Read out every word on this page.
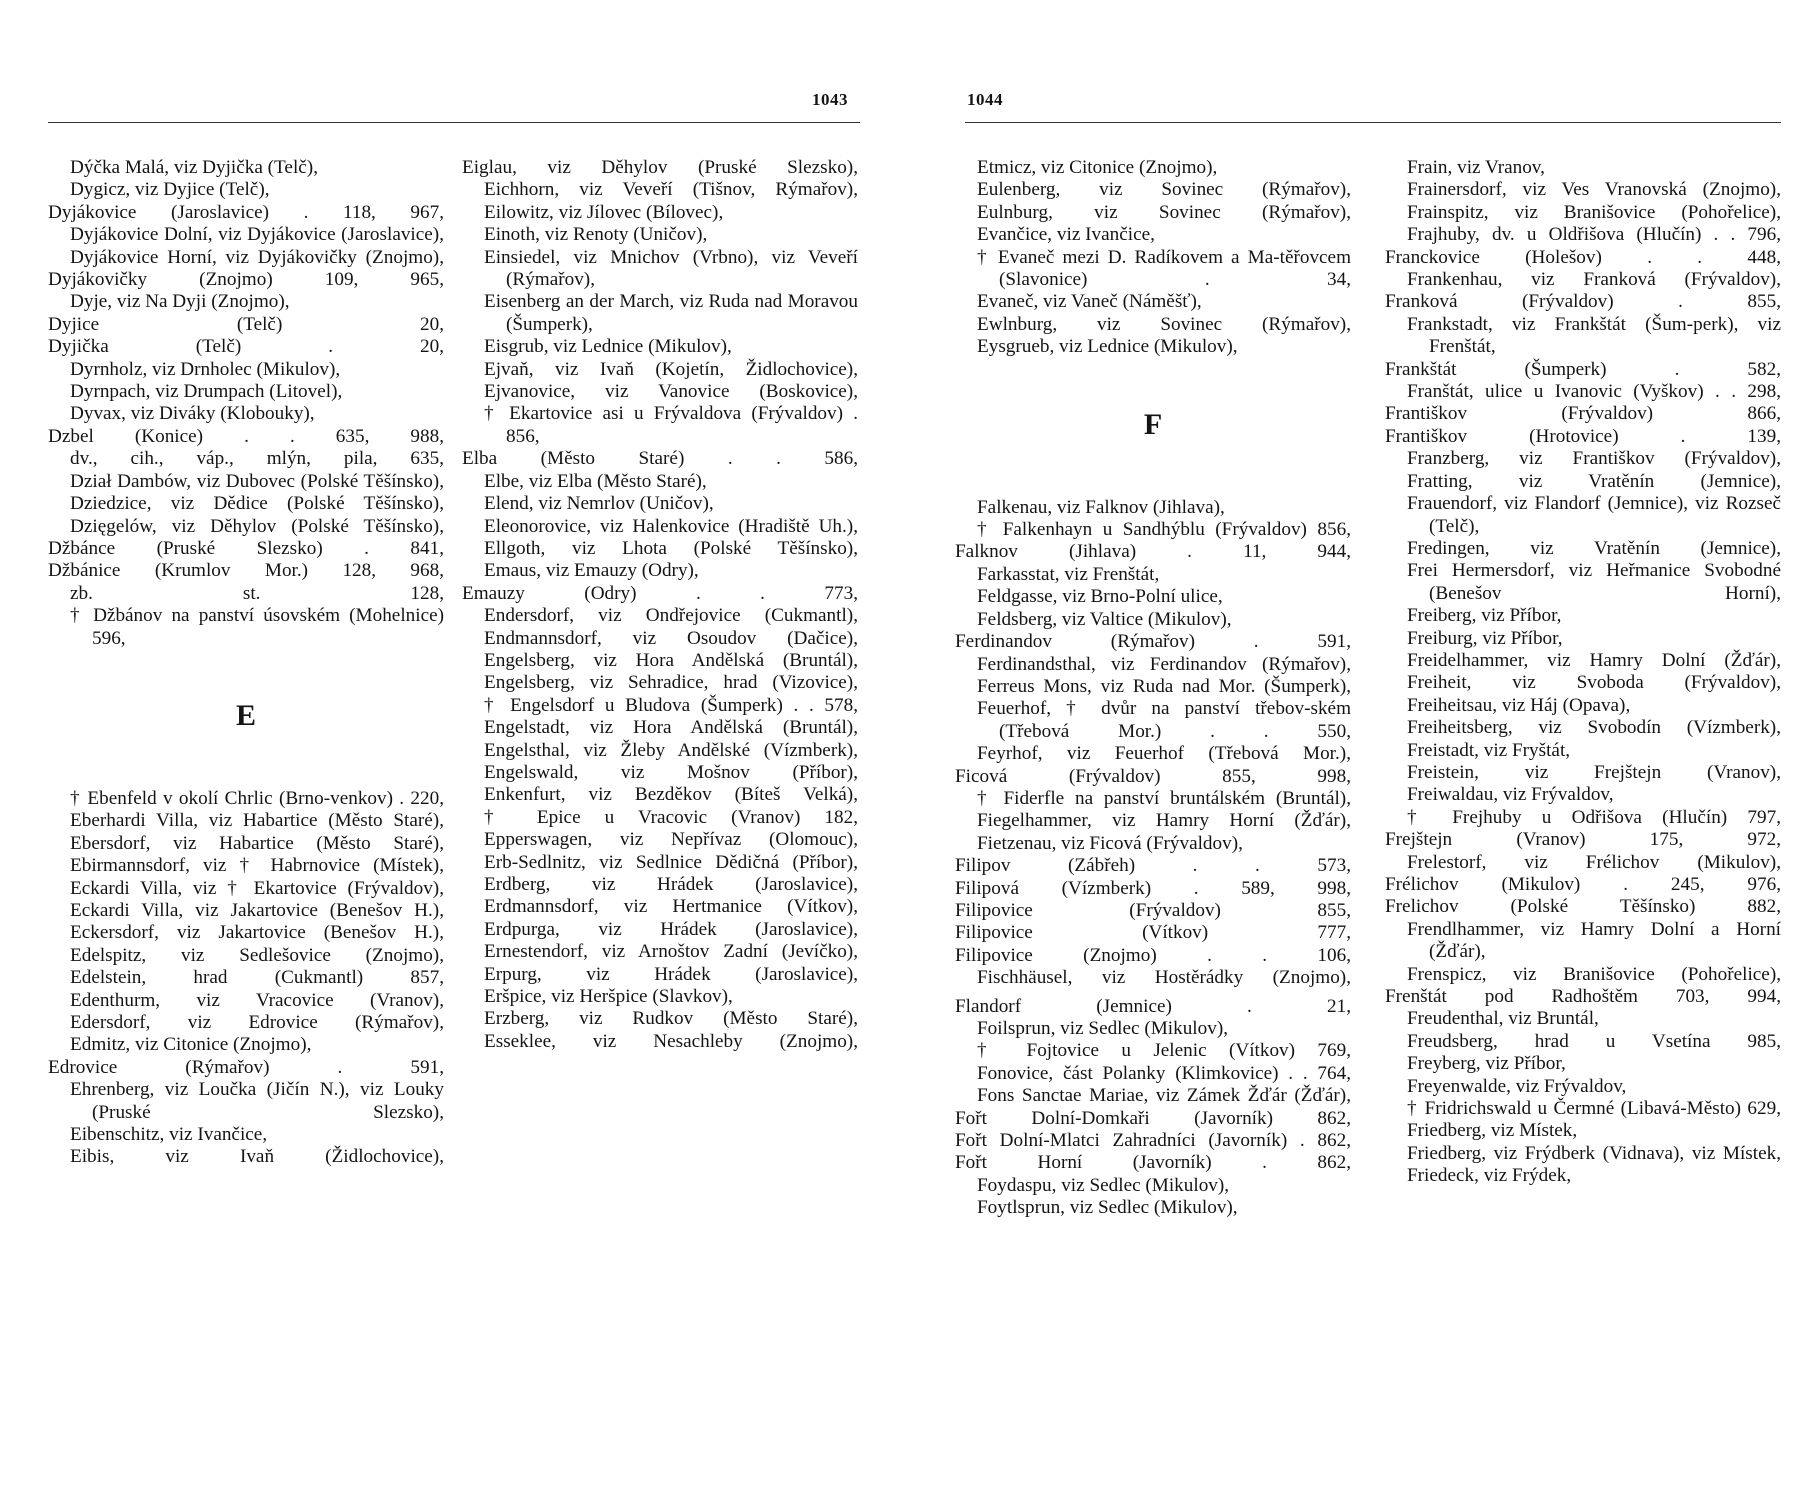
1043
Dýčka Malá, viz Dyjička (Telč),
Dygicz, viz Dyjice (Telč),
Dyjákovice (Jaroslavice) . 118, 967,
Dyjákovice Dolní, viz Dyjákovice (Jaroslavice),
Dyjákovice Horní, viz Dyjákovičky (Znojmo),
Dyjákovičky (Znojmo) 109, 965,
Dyje, viz Na Dyji (Znojmo),
Dyjice (Telč) 20,
Dyjička (Telč) . 20,
Dyrnholz, viz Drnholec (Mikulov),
Dyrnpach, viz Drumpach (Litovel),
Dyvax, viz Diváky (Klobouky),
Dzbel (Konice) . . 635, 988,
dv., cih., váp., mlýn, pila, 635,
Dział Dambów, viz Dubovec (Polské Těšínsko),
Dziedzice, viz Dědice (Polské Těšínsko),
Dzięgelów, viz Děhylov (Polské Těšínsko),
Džbánce (Pruské Slezsko) . 841,
Džbánice (Krumlov Mor.) 128, 968,
zb. st. 128,
† Džbánov na panství úsovském (Mohelnice) 596,
E
† Ebenfeld v okolí Chrlic (Brno-venkov) . 220,
Eberhardi Villa, viz Habartice (Město Staré),
Ebersdorf, viz Habartice (Město Staré),
Ebirmannsdorf, viz † Habrnovice (Místek),
Eckardi Villa, viz † Ekartovice (Frývaldov),
Eckardi Villa, viz Jakartovice (Benešov H.),
Eckersdorf, viz Jakartovice (Benešov H.),
Edelspitz, viz Sedlešovice (Znojmo),
Edelstein, hrad (Cukmantl) 857,
Edenthurm, viz Vracovice (Vranov),
Edersdorf, viz Edrovice (Rýmařov),
Edmitz, viz Citonice (Znojmo),
Edrovice (Rýmařov) . 591,
Ehrenberg, viz Loučka (Jičín N.), viz Louky (Pruské Slezsko),
Eibenschitz, viz Ivančice,
Eibis, viz Ivaň (Židlochovice),
Eiglau, viz Děhylov (Pruské Slezsko),
Eichhorn, viz Veveří (Tišnov, Rýmařov),
Eilowitz, viz Jílovec (Bílovec),
Einoth, viz Renoty (Uničov),
Einsiedel, viz Mnichov (Vrbno), viz Veveří (Rýmařov),
Eisenberg an der March, viz Ruda nad Moravou (Šumperk),
Eisgrub, viz Lednice (Mikulov),
Ejvaň, viz Ivaň (Kojetín, Židlochovice),
Ejvanovice, viz Vanovice (Boskovice),
† Ekartovice asi u Frývaldova (Frývaldov) . 856,
Elba (Město Staré) . . 586,
Elbe, viz Elba (Město Staré),
Elend, viz Nemrlov (Uničov),
Eleonorovice, viz Halenkovice (Hradiště Uh.),
Ellgoth, viz Lhota (Polské Těšínsko),
Emaus, viz Emauzy (Odry),
Emauzy (Odry) . . 773,
Endersdorf, viz Ondřejovice (Cukmantl),
Endmannsdorf, viz Osoudov (Dačice),
Engelsberg, viz Hora Andělská (Bruntál),
Engelsberg, viz Sehradice, hrad (Vizovice),
† Engelsdorf u Bludova (Šumperk) . . 578,
Engelstadt, viz Hora Andělská (Bruntál),
Engelsthal, viz Žleby Andělské (Vízmberk),
Engelswald, viz Mošnov (Příbor),
Enkenfurt, viz Bezděkov (Bíteš Velká),
† Epice u Vracovic (Vranov) 182,
Epperswagen, viz Nepřívaz (Olomouc),
Erb-Sedlnitz, viz Sedlnice Dědičná (Příbor),
Erdberg, viz Hrádek (Jaroslavice),
Erdmannsdorf, viz Hertmanice (Vítkov),
Erdpurga, viz Hrádek (Jaroslavice),
Ernestendorf, viz Arnoštov Zadní (Jevíčko),
Erpurg, viz Hrádek (Jaroslavice),
Eršpice, viz Heršpice (Slavkov),
Erzberg, viz Rudkov (Město Staré),
Esseklee, viz Nesachleby (Znojmo),
1044
Etmicz, viz Citonice (Znojmo),
Eulenberg, viz Sovinec (Rýmařov),
Eulnburg, viz Sovinec (Rýmařov),
Evančice, viz Ivančice,
† Evaneč mezi D. Radíkovem a Ma-těřovcem (Slavonice) . 34,
Evaneč, viz Vaneč (Náměšť),
Ewlnburg, viz Sovinec (Rýmařov),
Eysgrueb, viz Lednice (Mikulov),
F
Falkenau, viz Falknov (Jihlava),
† Falkenhayn u Sandhýblu (Frývaldov) 856,
Falknov (Jihlava) . 11, 944,
Farkasstat, viz Frenštát,
Feldgasse, viz Brno-Polní ulice,
Feldsberg, viz Valtice (Mikulov),
Ferdinandov (Rýmařov) . 591,
Ferdinandsthal, viz Ferdinandov (Rýmařov),
Ferreus Mons, viz Ruda nad Mor. (Šumperk),
Feuerhof, † dvůr na panství třebov-ském (Třebová Mor.) . . 550,
Feyrhof, viz Feuerhof (Třebová Mor.),
Ficová (Frývaldov) 855, 998,
† Fiderfle na panství bruntálském (Bruntál),
Fiegelhammer, viz Hamry Horní (Žďár),
Fietzenau, viz Ficová (Frývaldov),
Filipov (Zábřeh) . . 573,
Filipová (Vízmberk) . 589, 998,
Filipovice (Frývaldov) 855,
Filipovice (Vítkov) 777,
Filipovice (Znojmo) . . 106,
Fischhäusel, viz Hostěrádky (Znojmo),
Flandorf (Jemnice) . 21,
Foilsprun, viz Sedlec (Mikulov),
† Fojtovice u Jelenic (Vítkov) 769,
Fonovice, část Polanky (Klimkovice) . . 764,
Fons Sanctae Mariae, viz Zámek Žďár (Žďár),
Fořt Dolní-Domkaři (Javorník) 862,
Fořt Dolní-Mlatci Zahradníci (Javorník) . 862,
Fořt Horní (Javorník) . 862,
Foydaspu, viz Sedlec (Mikulov),
Foytlsprun, viz Sedlec (Mikulov),
Frain, viz Vranov,
Frainersdorf, viz Ves Vranovská (Znojmo),
Frainspitz, viz Branišovice (Pohořelice),
Frajhuby, dv. u Oldřišova (Hlučín) . . 796,
Franckovice (Holešov) . . 448,
Frankenhau, viz Franková (Frývaldov),
Franková (Frývaldov) . 855,
Frankstadt, viz Frankštát (Šum-perk), viz Frenštát,
Frankštát (Šumperk) . 582,
Franštát, ulice u Ivanovic (Vyškov) . . 298,
Františkov (Frývaldov) 866,
Františkov (Hrotovice) . 139,
Franzberg, viz Františkov (Frývaldov),
Fratting, viz Vratěnín (Jemnice),
Frauendorf, viz Flandorf (Jemnice), viz Rozseč (Telč),
Fredingen, viz Vratěnín (Jemnice),
Frei Hermersdorf, viz Heřmanice Svobodné (Benešov Horní),
Freiberg, viz Příbor,
Freiburg, viz Příbor,
Freidelhammer, viz Hamry Dolní (Žďár),
Freiheit, viz Svoboda (Frývaldov),
Freiheitsau, viz Háj (Opava),
Freiheitsberg, viz Svobodín (Vízmberk),
Freistadt, viz Fryštát,
Freistein, viz Frejštejn (Vranov),
Freiwaldau, viz Frývaldov,
† Frejhuby u Odřišova (Hlučín) 797,
Frejštejn (Vranov) 175, 972,
Frelestorf, viz Frélichov (Mikulov),
Frélichov (Mikulov) . 245, 976,
Frelichov (Polské Těšínsko) 882,
Frendlhammer, viz Hamry Dolní a Horní (Žďár),
Frenspicz, viz Branišovice (Pohořelice),
Frenštát pod Radhoštěm 703, 994,
Freudenthal, viz Bruntál,
Freudsberg, hrad u Vsetína 985,
Freyberg, viz Příbor,
Freyenwalde, viz Frývaldov,
† Fridrichswald u Čermné (Libavá-Město) 629,
Friedberg, viz Místek,
Friedberg, viz Frýdberk (Vidnava), viz Místek,
Friedeck, viz Frýdek,
